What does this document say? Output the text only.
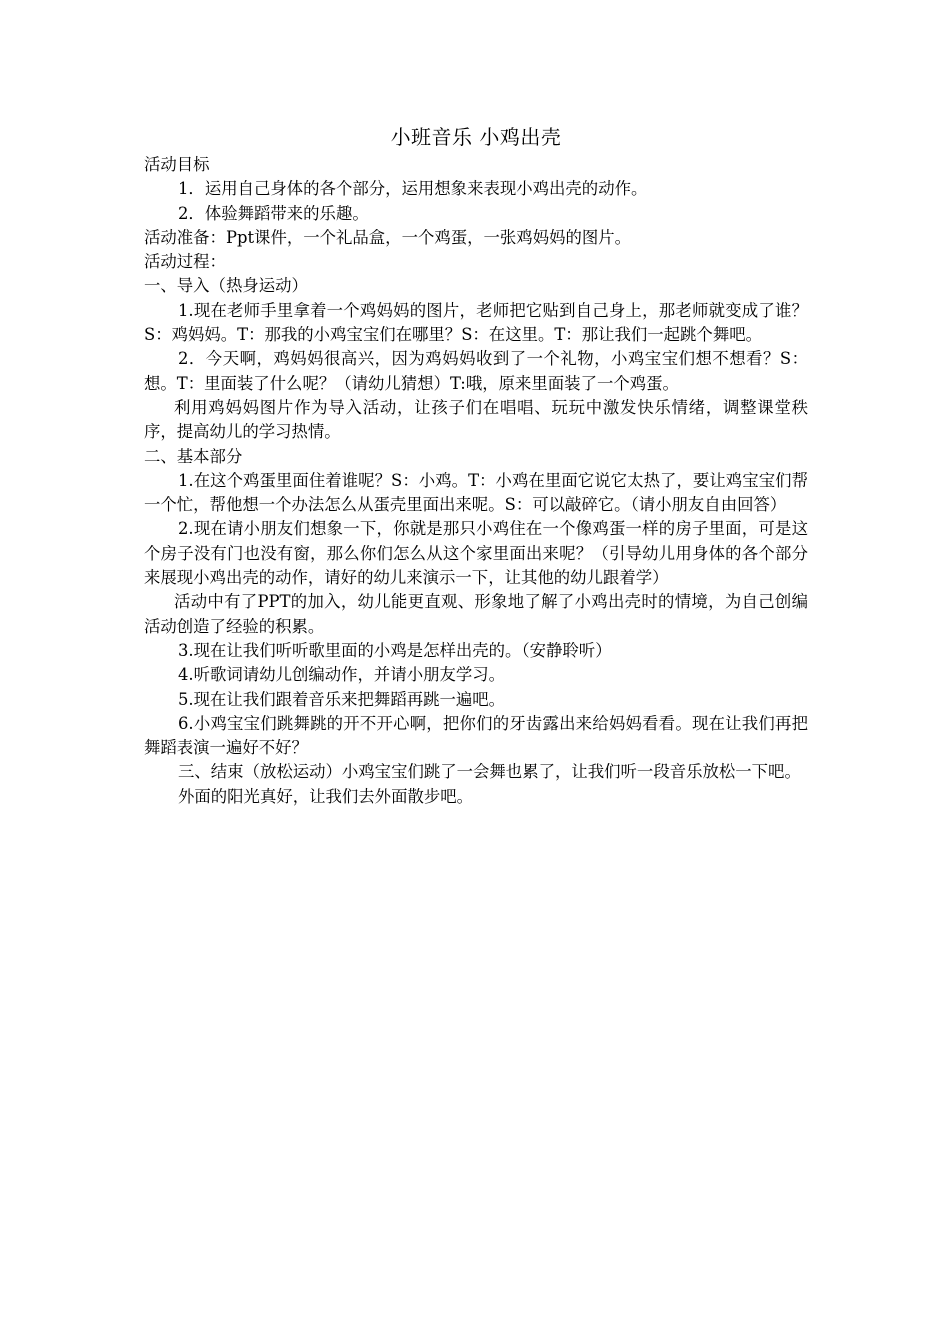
小班音乐 小鸡出壳

活动目标

1．运用自己身体的各个部分，运用想象来表现小鸡出壳的动作。

2．体验舞蹈带来的乐趣。

活动准备：Ppt课件，一个礼品盒，一个鸡蛋，一张鸡妈妈的图片。

活动过程：

一、导入（热身运动）

1.现在老师手里拿着一个鸡妈妈的图片，老师把它贴到自己身上，那老师就变成了谁？S：鸡妈妈。T：那我的小鸡宝宝们在哪里？S：在这里。T：那让我们一起跳个舞吧。

2．今天啊，鸡妈妈很高兴，因为鸡妈妈收到了一个礼物，小鸡宝宝们想不想看？S：想。T：里面装了什么呢？（请幼儿猜想）T:哦，原来里面装了一个鸡蛋。

利用鸡妈妈图片作为导入活动，让孩子们在唱唱、玩玩中激发快乐情绪，调整课堂秩序，提高幼儿的学习热情。

二、基本部分

1.在这个鸡蛋里面住着谁呢？S：小鸡。T：小鸡在里面它说它太热了，要让鸡宝宝们帮一个忙，帮他想一个办法怎么从蛋壳里面出来呢。S：可以敲碎它。（请小朋友自由回答）

2.现在请小朋友们想象一下，你就是那只小鸡住在一个像鸡蛋一样的房子里面，可是这个房子没有门也没有窗，那么你们怎么从这个家里面出来呢？（引导幼儿用身体的各个部分来展现小鸡出壳的动作，请好的幼儿来演示一下，让其他的幼儿跟着学）

活动中有了PPT的加入，幼儿能更直观、形象地了解了小鸡出壳时的情境，为自己创编活动创造了经验的积累。

3.现在让我们听听歌里面的小鸡是怎样出壳的。（安静聆听）

4.听歌词请幼儿创编动作，并请小朋友学习。

5.现在让我们跟着音乐来把舞蹈再跳一遍吧。

6.小鸡宝宝们跳舞跳的开不开心啊，把你们的牙齿露出来给妈妈看看。现在让我们再把舞蹈表演一遍好不好？

三、结束（放松运动）小鸡宝宝们跳了一会舞也累了，让我们听一段音乐放松一下吧。

外面的阳光真好，让我们去外面散步吧。
